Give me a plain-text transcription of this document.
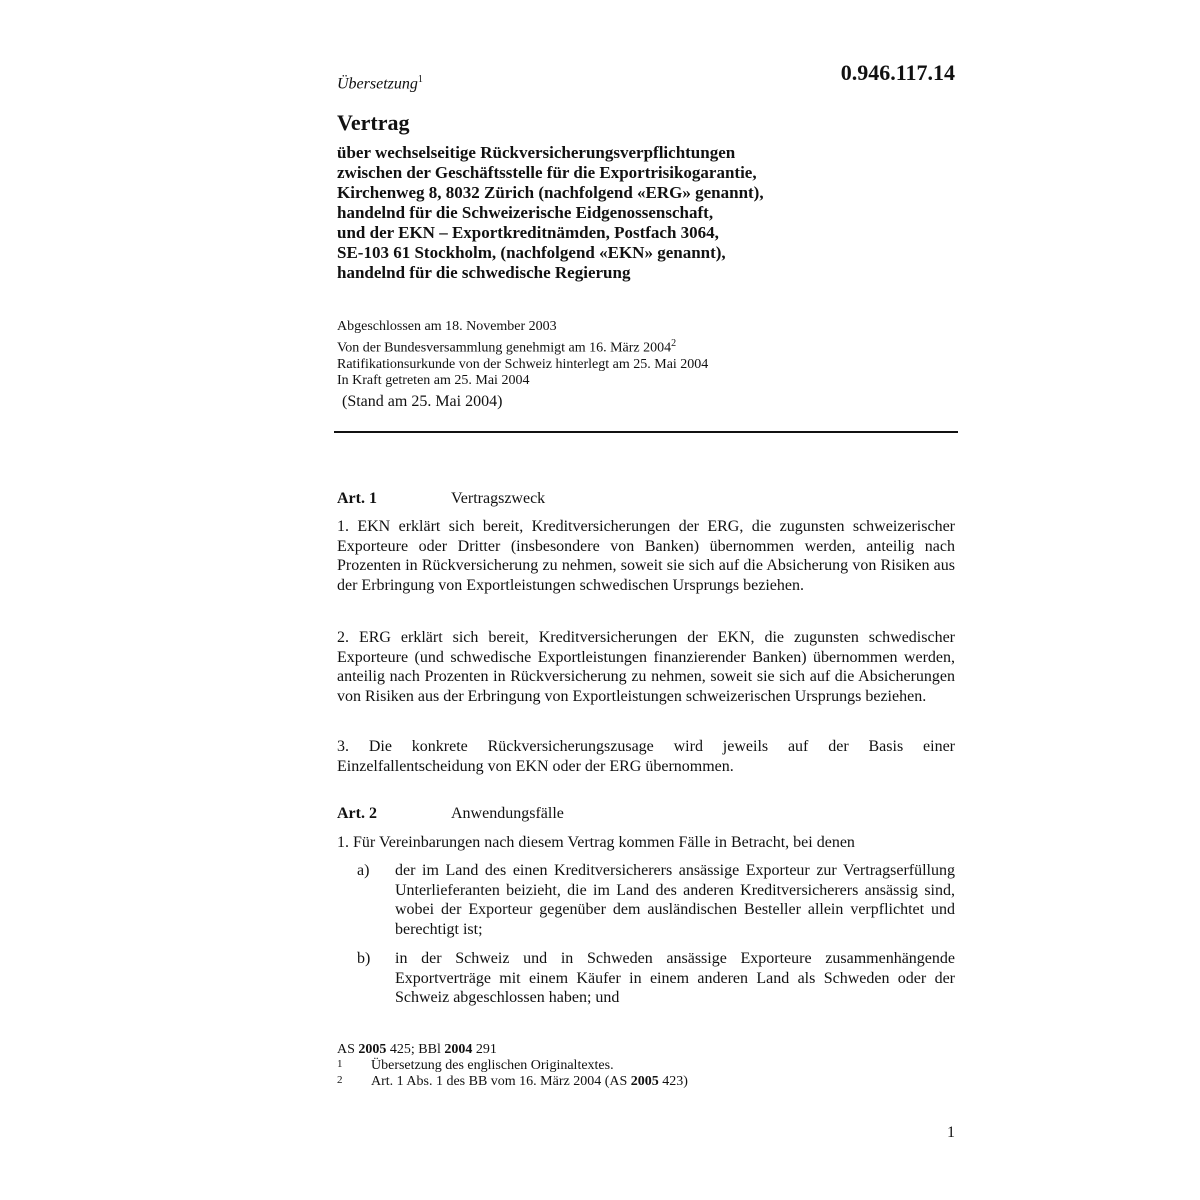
Übersetzung$^1$	0.946.117.14
Vertrag
über wechselseitige Rückversicherungsverpflichtungen
zwischen der Geschäftsstelle für die Exportrisikogarantie,
Kirchenweg 8, 8032 Zürich (nachfolgend «ERG» genannt),
handelnd für die Schweizerische Eidgenossenschaft,
und der EKN – Exportkreditnämden, Postfach 3064,
SE-103 61 Stockholm, (nachfolgend «EKN» genannt),
handelnd für die schwedische Regierung
Abgeschlossen am 18. November 2003
Von der Bundesversammlung genehmigt am 16. März 2004$^2$
Ratifikationsurkunde von der Schweiz hinterlegt am 25. Mai 2004
In Kraft getreten am 25. Mai 2004
(Stand am 25. Mai 2004)
Art. 1	Vertragszweck
1. EKN erklärt sich bereit, Kreditversicherungen der ERG, die zugunsten schweizerischer Exporteure oder Dritter (insbesondere von Banken) übernommen werden, anteilig nach Prozenten in Rückversicherung zu nehmen, soweit sie sich auf die Absicherung von Risiken aus der Erbringung von Exportleistungen schwedischen Ursprungs beziehen.
2. ERG erklärt sich bereit, Kreditversicherungen der EKN, die zugunsten schwedischer Exporteure (und schwedische Exportleistungen finanzierender Banken) übernommen werden, anteilig nach Prozenten in Rückversicherung zu nehmen, soweit sie sich auf die Absicherungen von Risiken aus der Erbringung von Exportleistungen schweizerischen Ursprungs beziehen.
3. Die konkrete Rückversicherungszusage wird jeweils auf der Basis einer Einzelfallentscheidung von EKN oder der ERG übernommen.
Art. 2	Anwendungsfälle
1. Für Vereinbarungen nach diesem Vertrag kommen Fälle in Betracht, bei denen
a) der im Land des einen Kreditversicherers ansässige Exporteur zur Vertragserfüllung Unterlieferanten beizieht, die im Land des anderen Kreditversicherers ansässig sind, wobei der Exporteur gegenüber dem ausländischen Besteller allein verpflichtet und berechtigt ist;
b) in der Schweiz und in Schweden ansässige Exporteure zusammenhängende Exportverträge mit einem Käufer in einem anderen Land als Schweden oder der Schweiz abgeschlossen haben; und
AS 2005 425; BBl 2004 291
1 Übersetzung des englischen Originaltextes.
2 Art. 1 Abs. 1 des BB vom 16. März 2004 (AS 2005 423)
1
